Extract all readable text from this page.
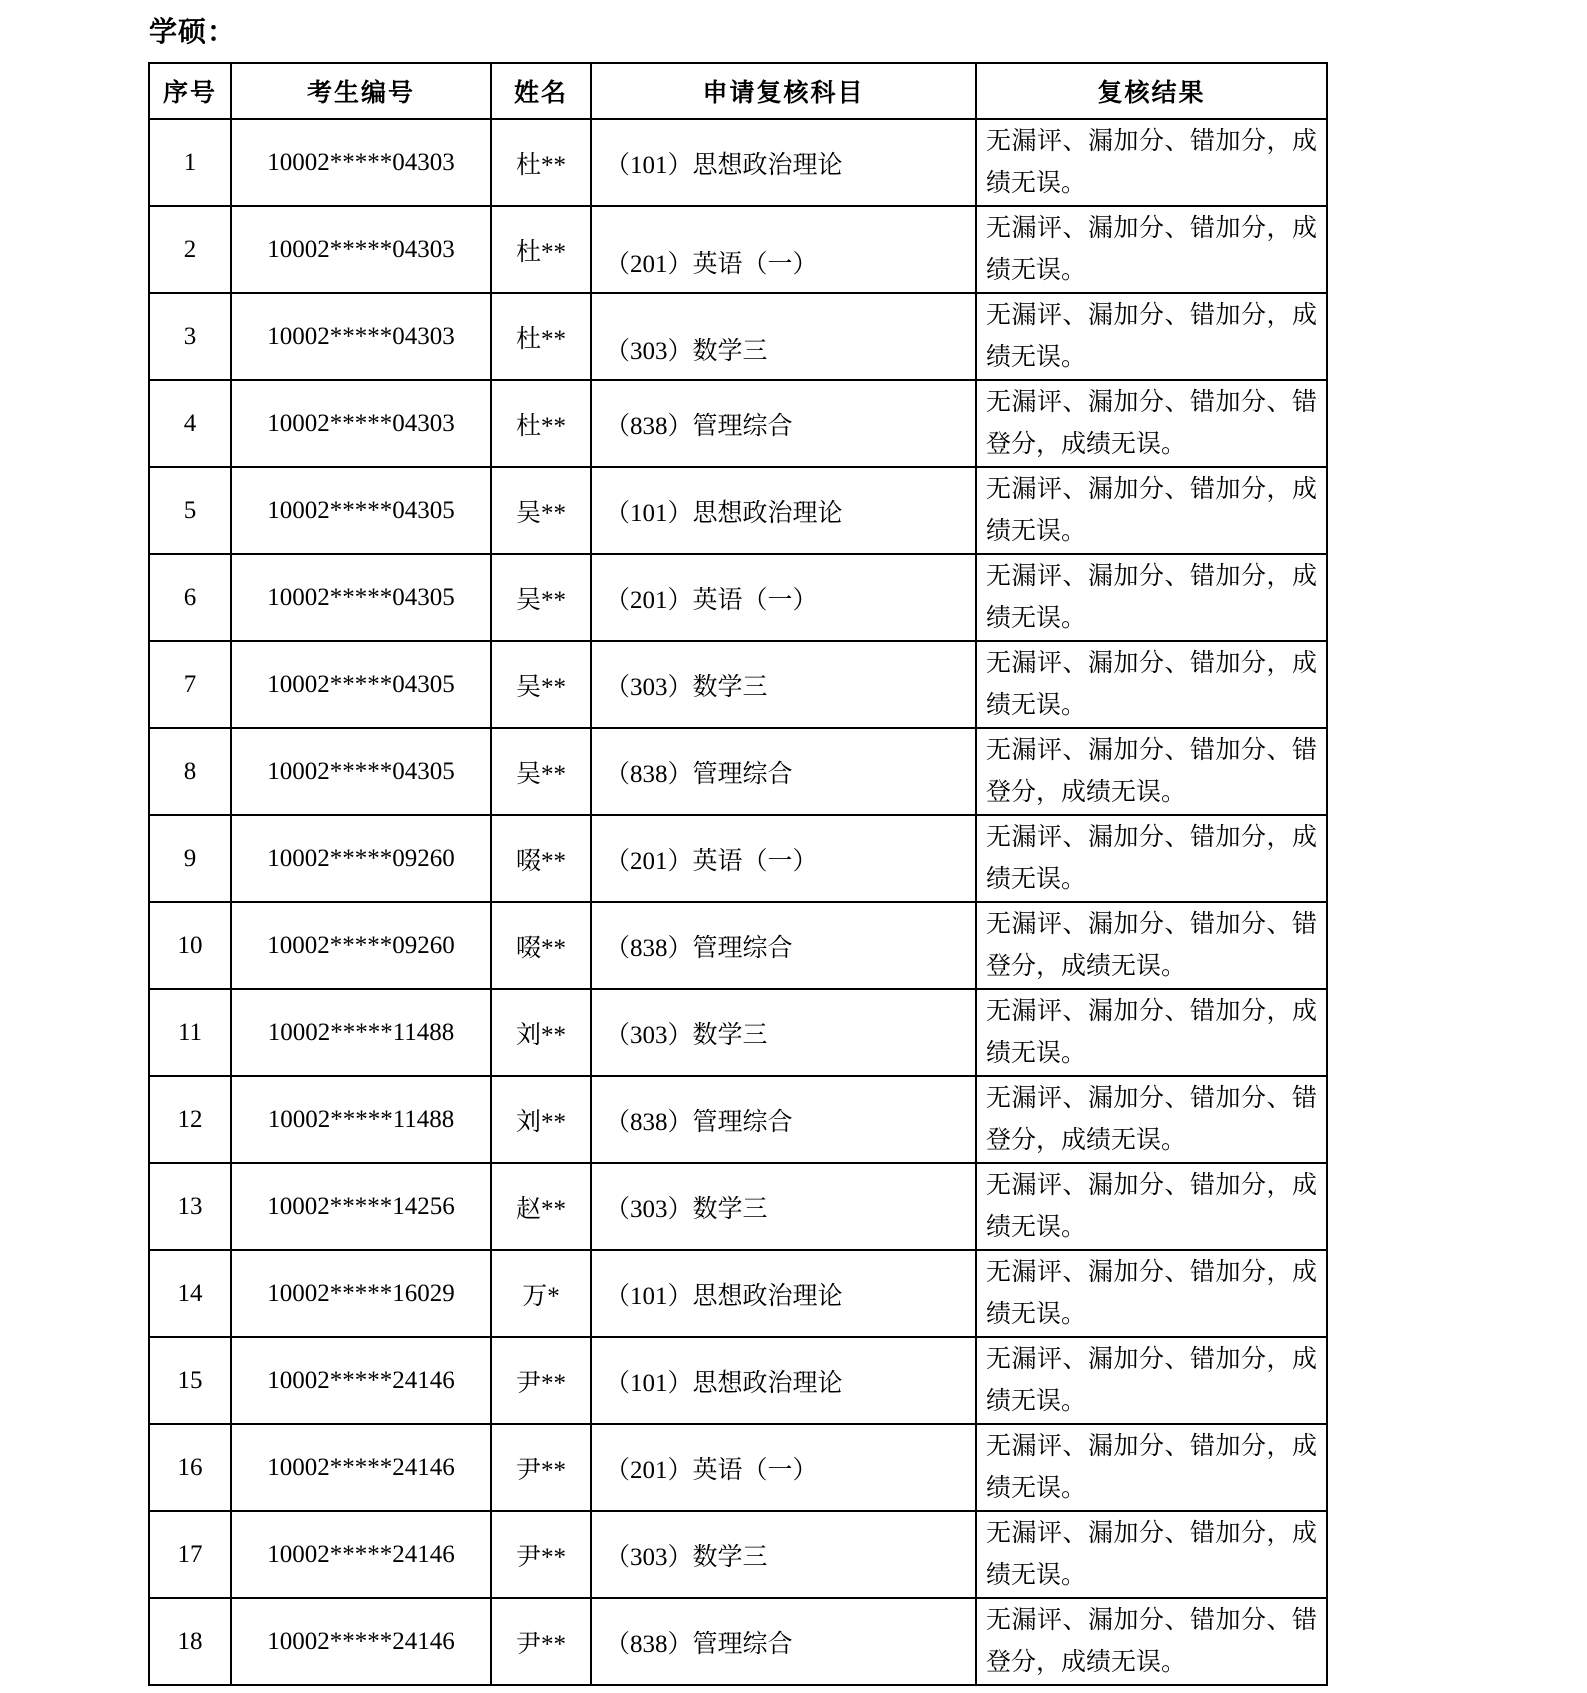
学硕：
序号	考生编号	姓名	申请复核科目	复核结果
1	10002*****04303	杜**	（101）思想政治理论	无漏评、漏加分、错加分，成绩无误。
2	10002*****04303	杜**	（201）英语（一）	无漏评、漏加分、错加分，成绩无误。
3	10002*****04303	杜**	（303）数学三	无漏评、漏加分、错加分，成绩无误。
4	10002*****04303	杜**	（838）管理综合	无漏评、漏加分、错加分、错登分，成绩无误。
5	10002*****04305	吴**	（101）思想政治理论	无漏评、漏加分、错加分，成绩无误。
6	10002*****04305	吴**	（201）英语（一）	无漏评、漏加分、错加分，成绩无误。
7	10002*****04305	吴**	（303）数学三	无漏评、漏加分、错加分，成绩无误。
8	10002*****04305	吴**	（838）管理综合	无漏评、漏加分、错加分、错登分，成绩无误。
9	10002*****09260	啜**	（201）英语（一）	无漏评、漏加分、错加分，成绩无误。
10	10002*****09260	啜**	（838）管理综合	无漏评、漏加分、错加分、错登分，成绩无误。
11	10002*****11488	刘**	（303）数学三	无漏评、漏加分、错加分，成绩无误。
12	10002*****11488	刘**	（838）管理综合	无漏评、漏加分、错加分、错登分，成绩无误。
13	10002*****14256	赵**	（303）数学三	无漏评、漏加分、错加分，成绩无误。
14	10002*****16029	万*	（101）思想政治理论	无漏评、漏加分、错加分，成绩无误。
15	10002*****24146	尹**	（101）思想政治理论	无漏评、漏加分、错加分，成绩无误。
16	10002*****24146	尹**	（201）英语（一）	无漏评、漏加分、错加分，成绩无误。
17	10002*****24146	尹**	（303）数学三	无漏评、漏加分、错加分，成绩无误。
18	10002*****24146	尹**	（838）管理综合	无漏评、漏加分、错加分、错登分，成绩无误。
